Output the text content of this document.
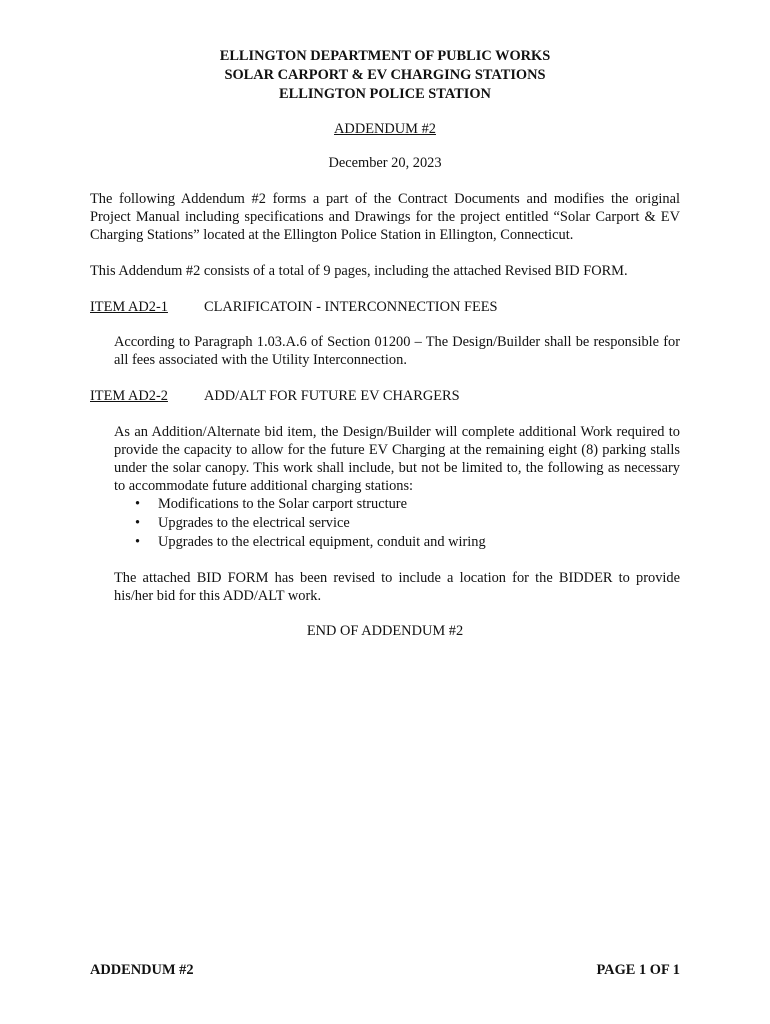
ELLINGTON DEPARTMENT OF PUBLIC WORKS
SOLAR CARPORT & EV CHARGING STATIONS
ELLINGTON POLICE STATION
ADDENDUM #2
December 20, 2023
The following Addendum #2 forms a part of the Contract Documents and modifies the original Project Manual including specifications and Drawings for the project entitled “Solar Carport & EV Charging Stations” located at the Ellington Police Station in Ellington, Connecticut.
This Addendum #2 consists of a total of 9 pages, including the attached Revised BID FORM.
ITEM AD2-1	CLARIFICATOIN - INTERCONNECTION FEES
According to Paragraph 1.03.A.6 of Section 01200 – The Design/Builder shall be responsible for all fees associated with the Utility Interconnection.
ITEM AD2-2	ADD/ALT FOR FUTURE EV CHARGERS
As an Addition/Alternate bid item, the Design/Builder will complete additional Work required to provide the capacity to allow for the future EV Charging at the remaining eight (8) parking stalls under the solar canopy. This work shall include, but not be limited to, the following as necessary to accommodate future additional charging stations:
• Modifications to the Solar carport structure
• Upgrades to the electrical service
• Upgrades to the electrical equipment, conduit and wiring
The attached BID FORM has been revised to include a location for the BIDDER to provide his/her bid for this ADD/ALT work.
END OF ADDENDUM #2
ADDENDUM #2	PAGE 1 OF 1
